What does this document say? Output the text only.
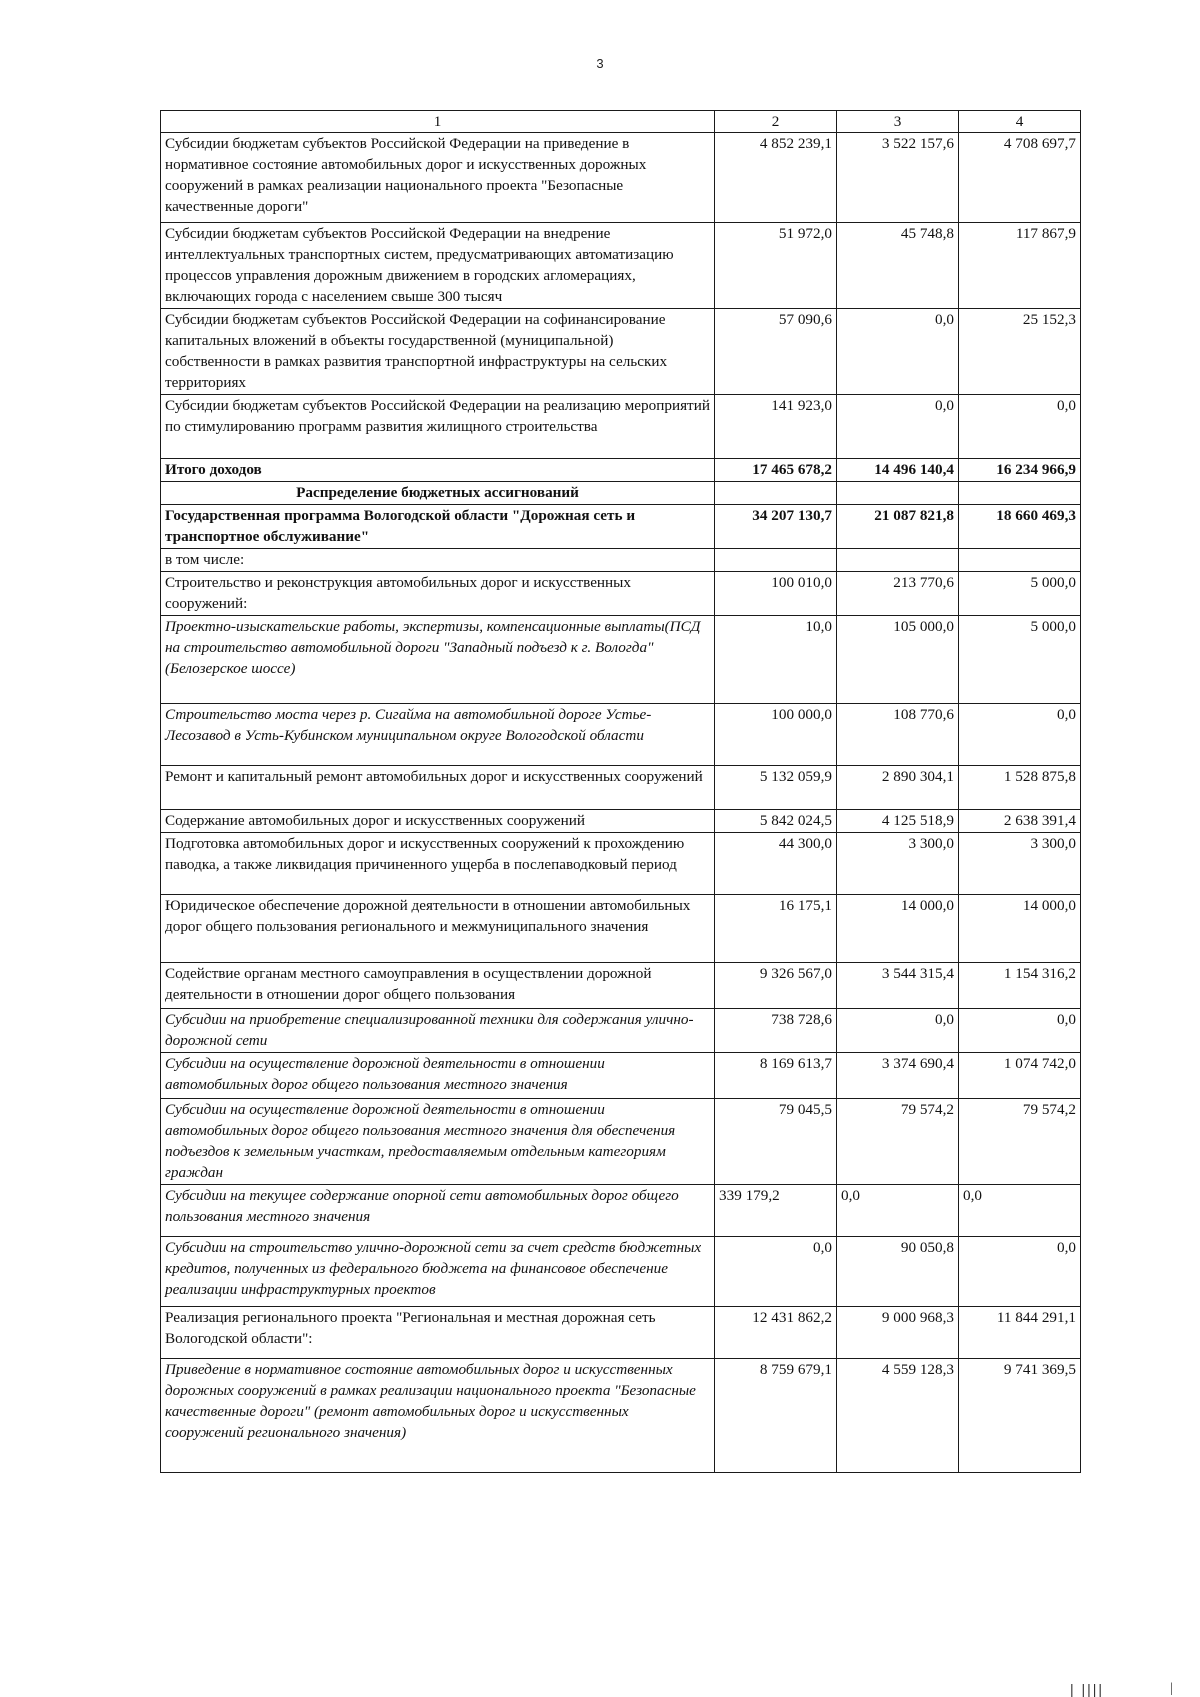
3
1	2	3	4
Субсидии бюджетам субъектов Российской Федерации на приведение в нормативное состояние автомобильных дорог и искусственных дорожных сооружений в рамках реализации национального проекта "Безопасные качественные дороги"	4 852 239,1	3 522 157,6	4 708 697,7
Субсидии бюджетам субъектов Российской Федерации на внедрение интеллектуальных транспортных систем, предусматривающих автоматизацию процессов управления дорожным движением в городских агломерациях, включающих города с населением свыше 300 тысяч	51 972,0	45 748,8	117 867,9
Субсидии бюджетам субъектов Российской Федерации на софинансирование капитальных вложений в объекты государственной (муниципальной) собственности в рамках развития транспортной инфраструктуры на сельских территориях	57 090,6	0,0	25 152,3
Субсидии бюджетам субъектов Российской Федерации на реализацию мероприятий по стимулированию программ развития жилищного строительства	141 923,0	0,0	0,0
Итого доходов	17 465 678,2	14 496 140,4	16 234 966,9
Распределение бюджетных ассигнований			
Государственная программа Вологодской области "Дорожная сеть и транспортное обслуживание"	34 207 130,7	21 087 821,8	18 660 469,3
в том числе:			
Строительство и реконструкция автомобильных дорог и искусственных сооружений:	100 010,0	213 770,6	5 000,0
Проектно-изыскательские работы, экспертизы, компенсационные выплаты(ПСД на строительство автомобильной дороги "Западный подъезд к г. Вологда" (Белозерское шоссе)	10,0	105 000,0	5 000,0
Строительство моста через р. Сигайма на автомобильной дороге Устье-Лесозавод в Усть-Кубинском муниципальном округе Вологодской области	100 000,0	108 770,6	0,0
Ремонт и капитальный ремонт автомобильных дорог и искусственных сооружений	5 132 059,9	2 890 304,1	1 528 875,8
Содержание автомобильных дорог и искусственных сооружений	5 842 024,5	4 125 518,9	2 638 391,4
Подготовка автомобильных дорог и искусственных сооружений к прохождению паводка, а также ликвидация причиненного ущерба в послепаводковый период	44 300,0	3 300,0	3 300,0
Юридическое обеспечение дорожной деятельности в отношении автомобильных дорог общего пользования регионального и межмуниципального значения	16 175,1	14 000,0	14 000,0
Содействие органам местного самоуправления в осуществлении дорожной деятельности в отношении дорог общего пользования	9 326 567,0	3 544 315,4	1 154 316,2
Субсидии на приобретение специализированной техники для содержания улично-дорожной сети	738 728,6	0,0	0,0
Субсидии на осуществление дорожной деятельности в отношении автомобильных дорог общего пользования местного значения	8 169 613,7	3 374 690,4	1 074 742,0
Субсидии на осуществление дорожной деятельности в отношении автомобильных дорог общего пользования местного значения для обеспечения подъездов к земельным участкам, предоставляемым отдельным категориям граждан	79 045,5	79 574,2	79 574,2
Субсидии на текущее содержание опорной сети автомобильных дорог общего пользования местного значения	339 179,2	0,0	0,0
Субсидии на строительство улично-дорожной сети за счет средств бюджетных кредитов, полученных из федерального бюджета на финансовое обеспечение реализации инфраструктурных проектов	0,0	90 050,8	0,0
Реализация регионального проекта "Региональная и местная дорожная сеть Вологодской области":	12 431 862,2	9 000 968,3	11 844 291,1
Приведение в нормативное состояние автомобильных дорог и искусственных дорожных сооружений в рамках реализации национального проекта "Безопасные качественные дороги" (ремонт автомобильных дорог и искусственных сооружений регионального значения)	8 759 679,1	4 559 128,3	9 741 369,5
| ||||	|
